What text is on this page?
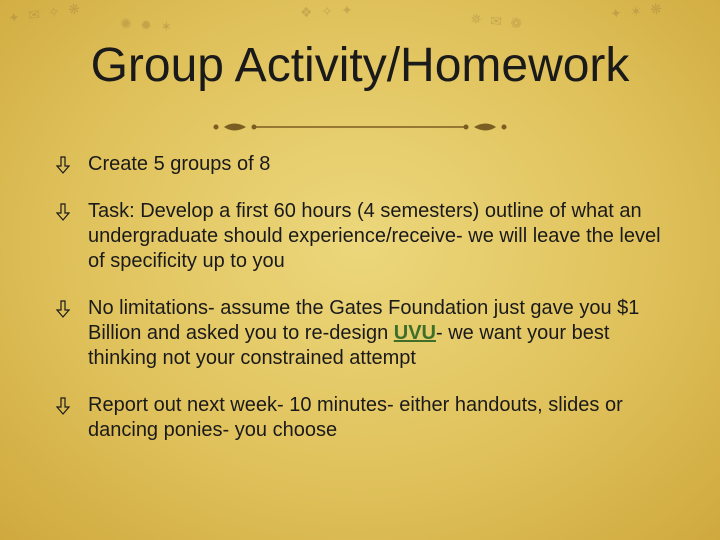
✦ ✉ ✧ ❋	✺ ✹ ✶
❖ ✧ ✦	✵ ✉ ❁	✦ ✶ ❋
Group Activity/Homework
Create 5 groups of 8
Task: Develop a first 60 hours (4 semesters) outline of what an undergraduate should experience/receive- we will leave the level of specificity up to you
No limitations- assume the Gates Foundation just gave you $1 Billion and asked you to re-design UVU- we want your best thinking not your constrained attempt
Report out next week- 10 minutes- either handouts, slides or dancing ponies- you choose
